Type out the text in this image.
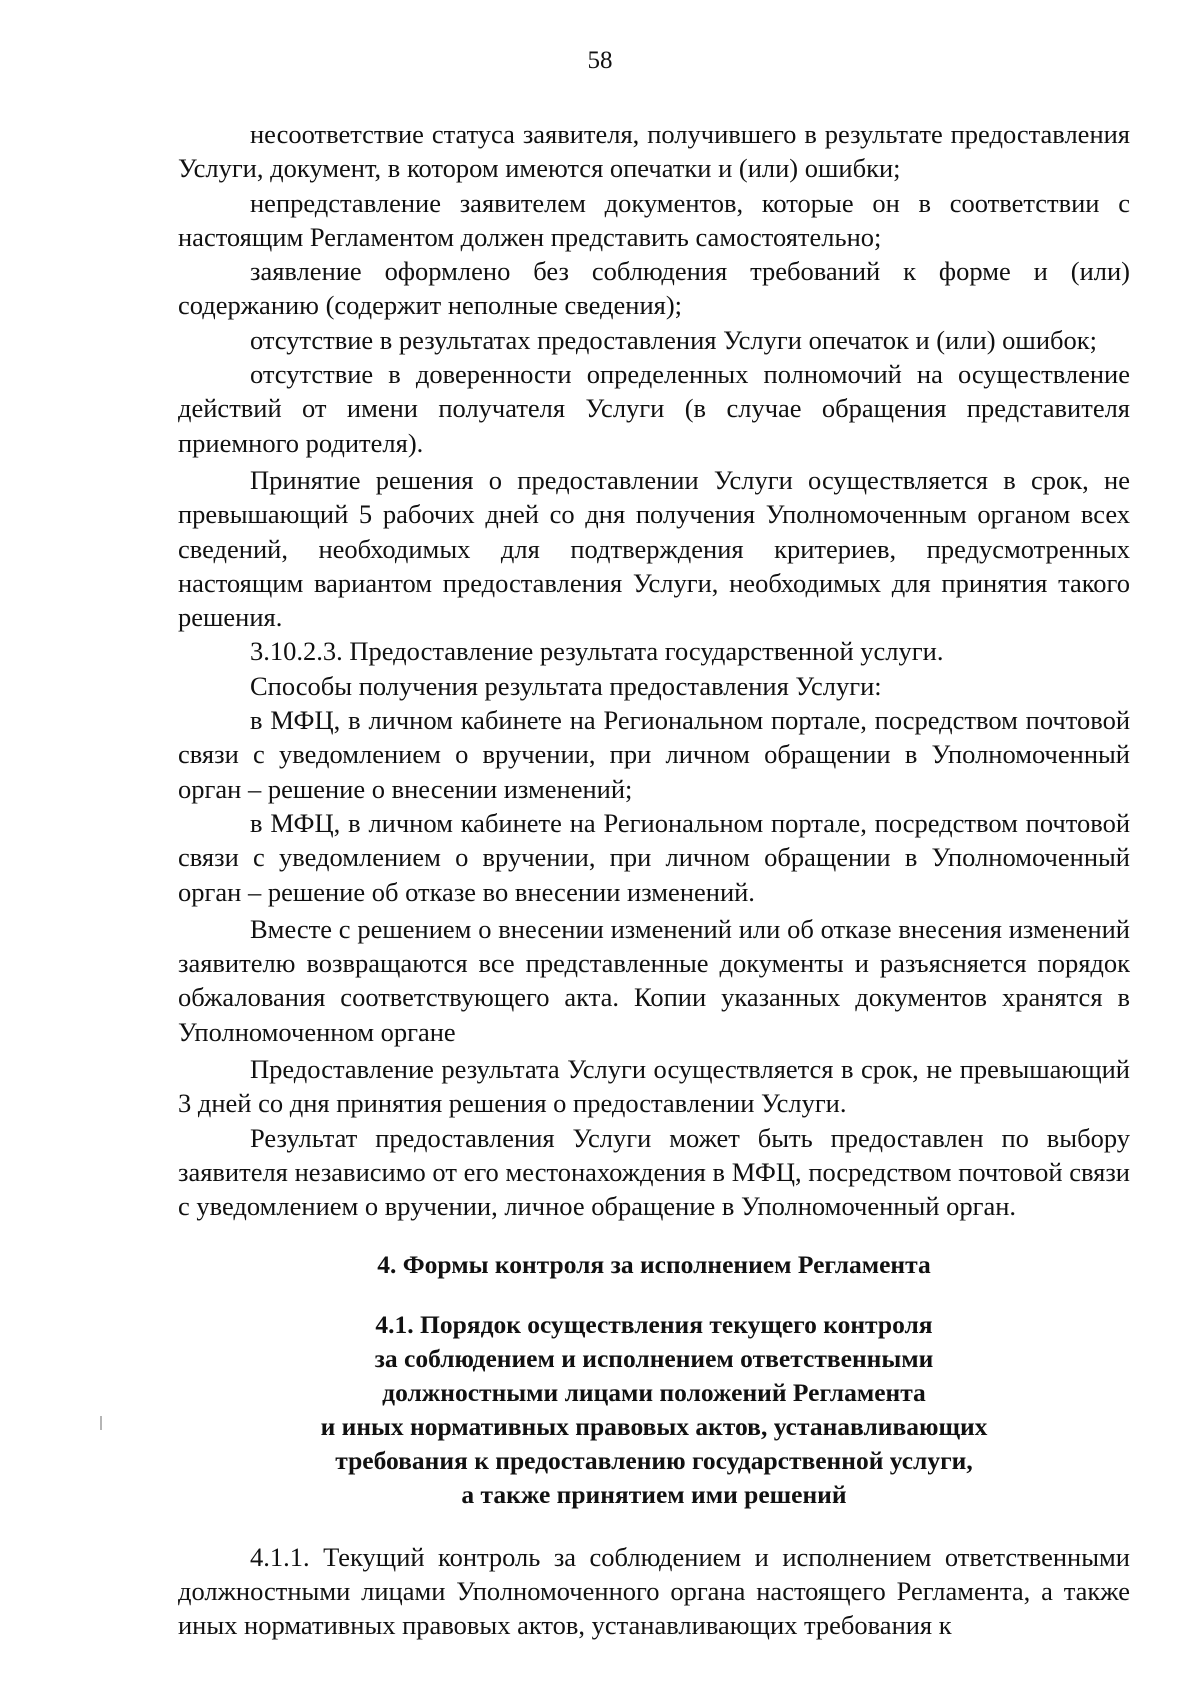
58

несоответствие статуса заявителя, получившего в результате предоставления Услуги, документ, в котором имеются опечатки и (или) ошибки;

непредставление заявителем документов, которые он в соответствии с настоящим Регламентом должен представить самостоятельно;

заявление оформлено без соблюдения требований к форме и (или) содержанию (содержит неполные сведения);

отсутствие в результатах предоставления Услуги опечаток и (или) ошибок;

отсутствие в доверенности определенных полномочий на осуществление действий от имени получателя Услуги (в случае обращения представителя приемного родителя).

Принятие решения о предоставлении Услуги осуществляется в срок, не превышающий 5 рабочих дней со дня получения Уполномоченным органом всех сведений, необходимых для подтверждения критериев, предусмотренных настоящим вариантом предоставления Услуги, необходимых для принятия такого решения.

3.10.2.3. Предоставление результата государственной услуги.

Способы получения результата предоставления Услуги:

в МФЦ, в личном кабинете на Региональном портале, посредством почтовой связи с уведомлением о вручении, при личном обращении в Уполномоченный орган – решение о внесении изменений;

в МФЦ, в личном кабинете на Региональном портале, посредством почтовой связи с уведомлением о вручении, при личном обращении в Уполномоченный орган – решение об отказе во внесении изменений.

Вместе с решением о внесении изменений или об отказе внесения изменений заявителю возвращаются все представленные документы и разъясняется порядок обжалования соответствующего акта. Копии указанных документов хранятся в Уполномоченном органе

Предоставление результата Услуги осуществляется в срок, не превышающий 3 дней со дня принятия решения о предоставлении Услуги.

Результат предоставления Услуги может быть предоставлен по выбору заявителя независимо от его местонахождения в МФЦ, посредством почтовой связи с уведомлением о вручении, личное обращение в Уполномоченный орган.

4. Формы контроля за исполнением Регламента

4.1. Порядок осуществления текущего контроля
за соблюдением и исполнением ответственными
должностными лицами положений Регламента
и иных нормативных правовых актов, устанавливающих
требования к предоставлению государственной услуги,
а также принятием ими решений

4.1.1. Текущий контроль за соблюдением и исполнением ответственными должностными лицами Уполномоченного органа настоящего Регламента, а также иных нормативных правовых актов, устанавливающих требования к
